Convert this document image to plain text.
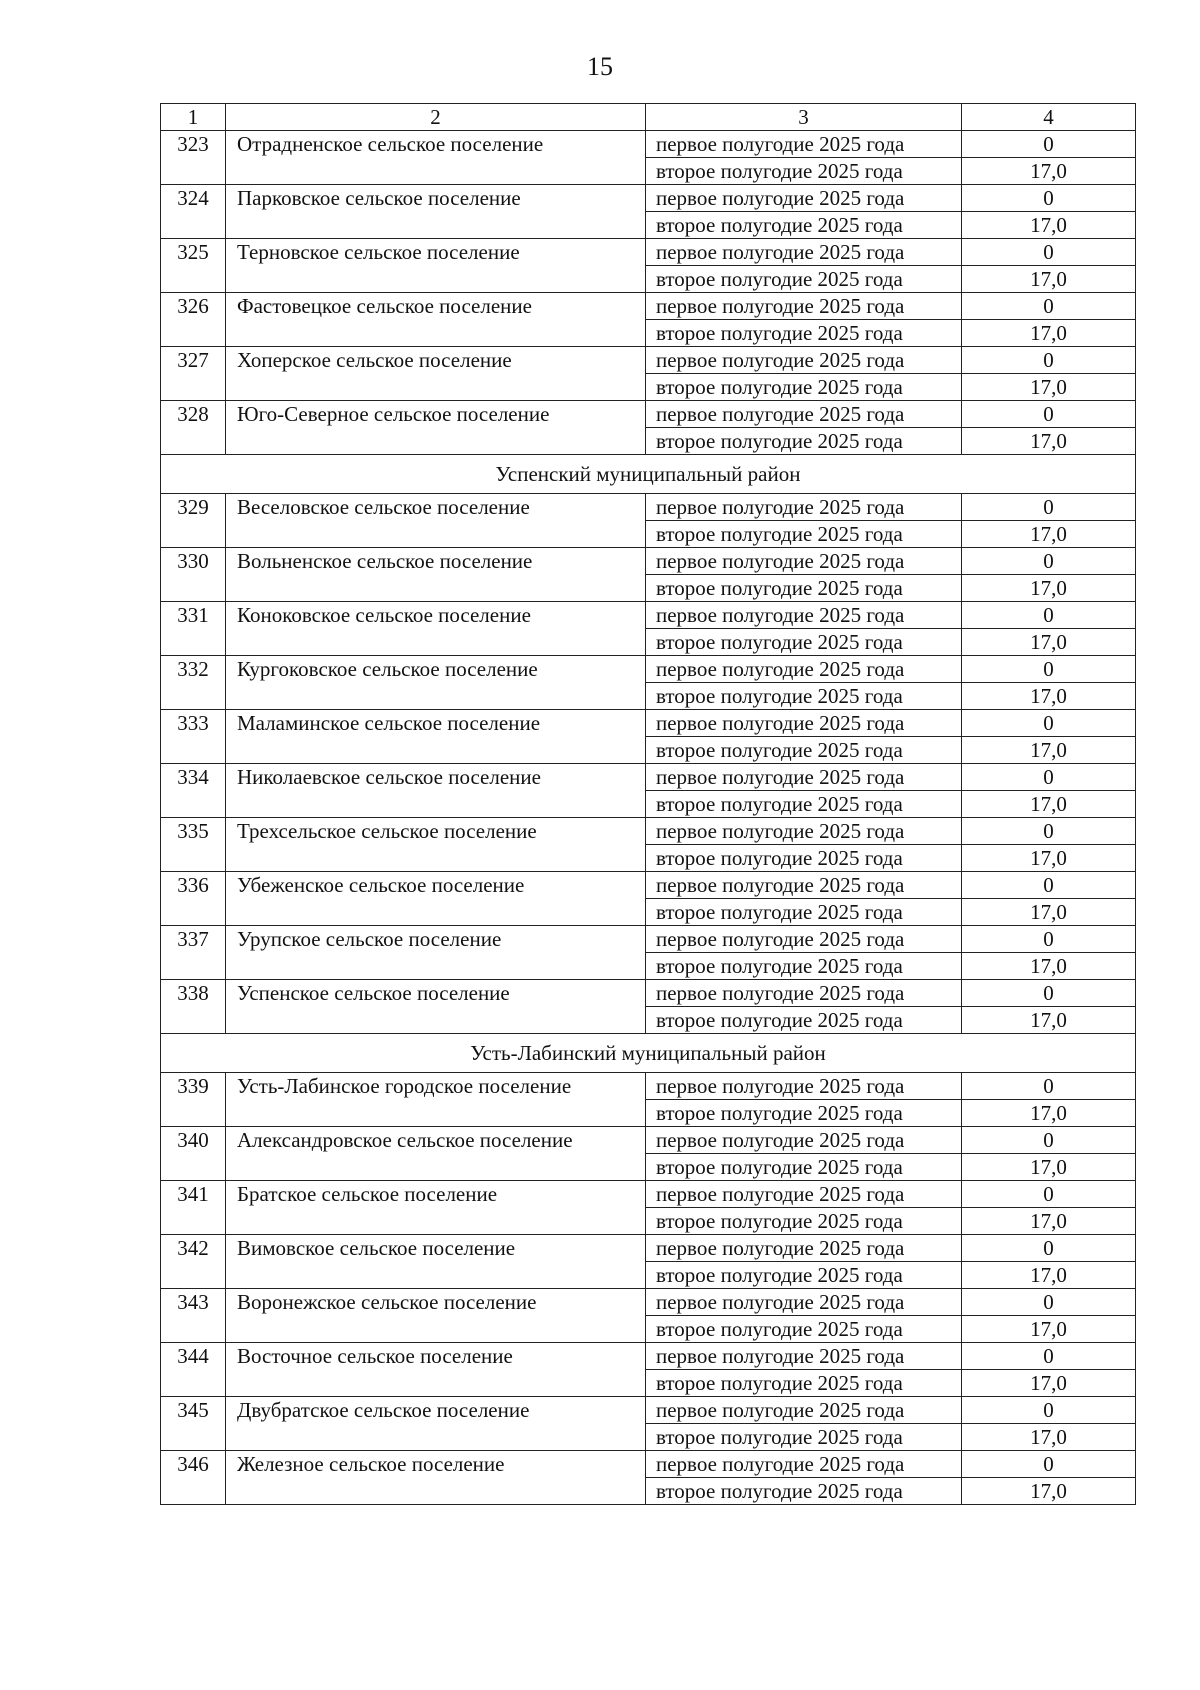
15
1	2	3	4
323	Отрадненское сельское поселение	первое полугодие 2025 года	0
		второе полугодие 2025 года	17,0
324	Парковское сельское поселение	первое полугодие 2025 года	0
		второе полугодие 2025 года	17,0
325	Терновское сельское поселение	первое полугодие 2025 года	0
		второе полугодие 2025 года	17,0
326	Фастовецкое сельское поселение	первое полугодие 2025 года	0
		второе полугодие 2025 года	17,0
327	Хоперское сельское поселение	первое полугодие 2025 года	0
		второе полугодие 2025 года	17,0
328	Юго-Северное сельское поселение	первое полугодие 2025 года	0
		второе полугодие 2025 года	17,0
Успенский муниципальный район			
329	Веселовское сельское поселение	первое полугодие 2025 года	0
		второе полугодие 2025 года	17,0
330	Вольненское сельское поселение	первое полугодие 2025 года	0
		второе полугодие 2025 года	17,0
331	Коноковское сельское поселение	первое полугодие 2025 года	0
		второе полугодие 2025 года	17,0
332	Кургоковское сельское поселение	первое полугодие 2025 года	0
		второе полугодие 2025 года	17,0
333	Маламинское сельское поселение	первое полугодие 2025 года	0
		второе полугодие 2025 года	17,0
334	Николаевское сельское поселение	первое полугодие 2025 года	0
		второе полугодие 2025 года	17,0
335	Трехсельское сельское поселение	первое полугодие 2025 года	0
		второе полугодие 2025 года	17,0
336	Убеженское сельское поселение	первое полугодие 2025 года	0
		второе полугодие 2025 года	17,0
337	Урупское сельское поселение	первое полугодие 2025 года	0
		второе полугодие 2025 года	17,0
338	Успенское сельское поселение	первое полугодие 2025 года	0
		второе полугодие 2025 года	17,0
Усть-Лабинский муниципальный район			
339	Усть-Лабинское городское поселение	первое полугодие 2025 года	0
		второе полугодие 2025 года	17,0
340	Александровское сельское поселение	первое полугодие 2025 года	0
		второе полугодие 2025 года	17,0
341	Братское сельское поселение	первое полугодие 2025 года	0
		второе полугодие 2025 года	17,0
342	Вимовское сельское поселение	первое полугодие 2025 года	0
		второе полугодие 2025 года	17,0
343	Воронежское сельское поселение	первое полугодие 2025 года	0
		второе полугодие 2025 года	17,0
344	Восточное сельское поселение	первое полугодие 2025 года	0
		второе полугодие 2025 года	17,0
345	Двубратское сельское поселение	первое полугодие 2025 года	0
		второе полугодие 2025 года	17,0
346	Железное сельское поселение	первое полугодие 2025 года	0
		второе полугодие 2025 года	17,0
